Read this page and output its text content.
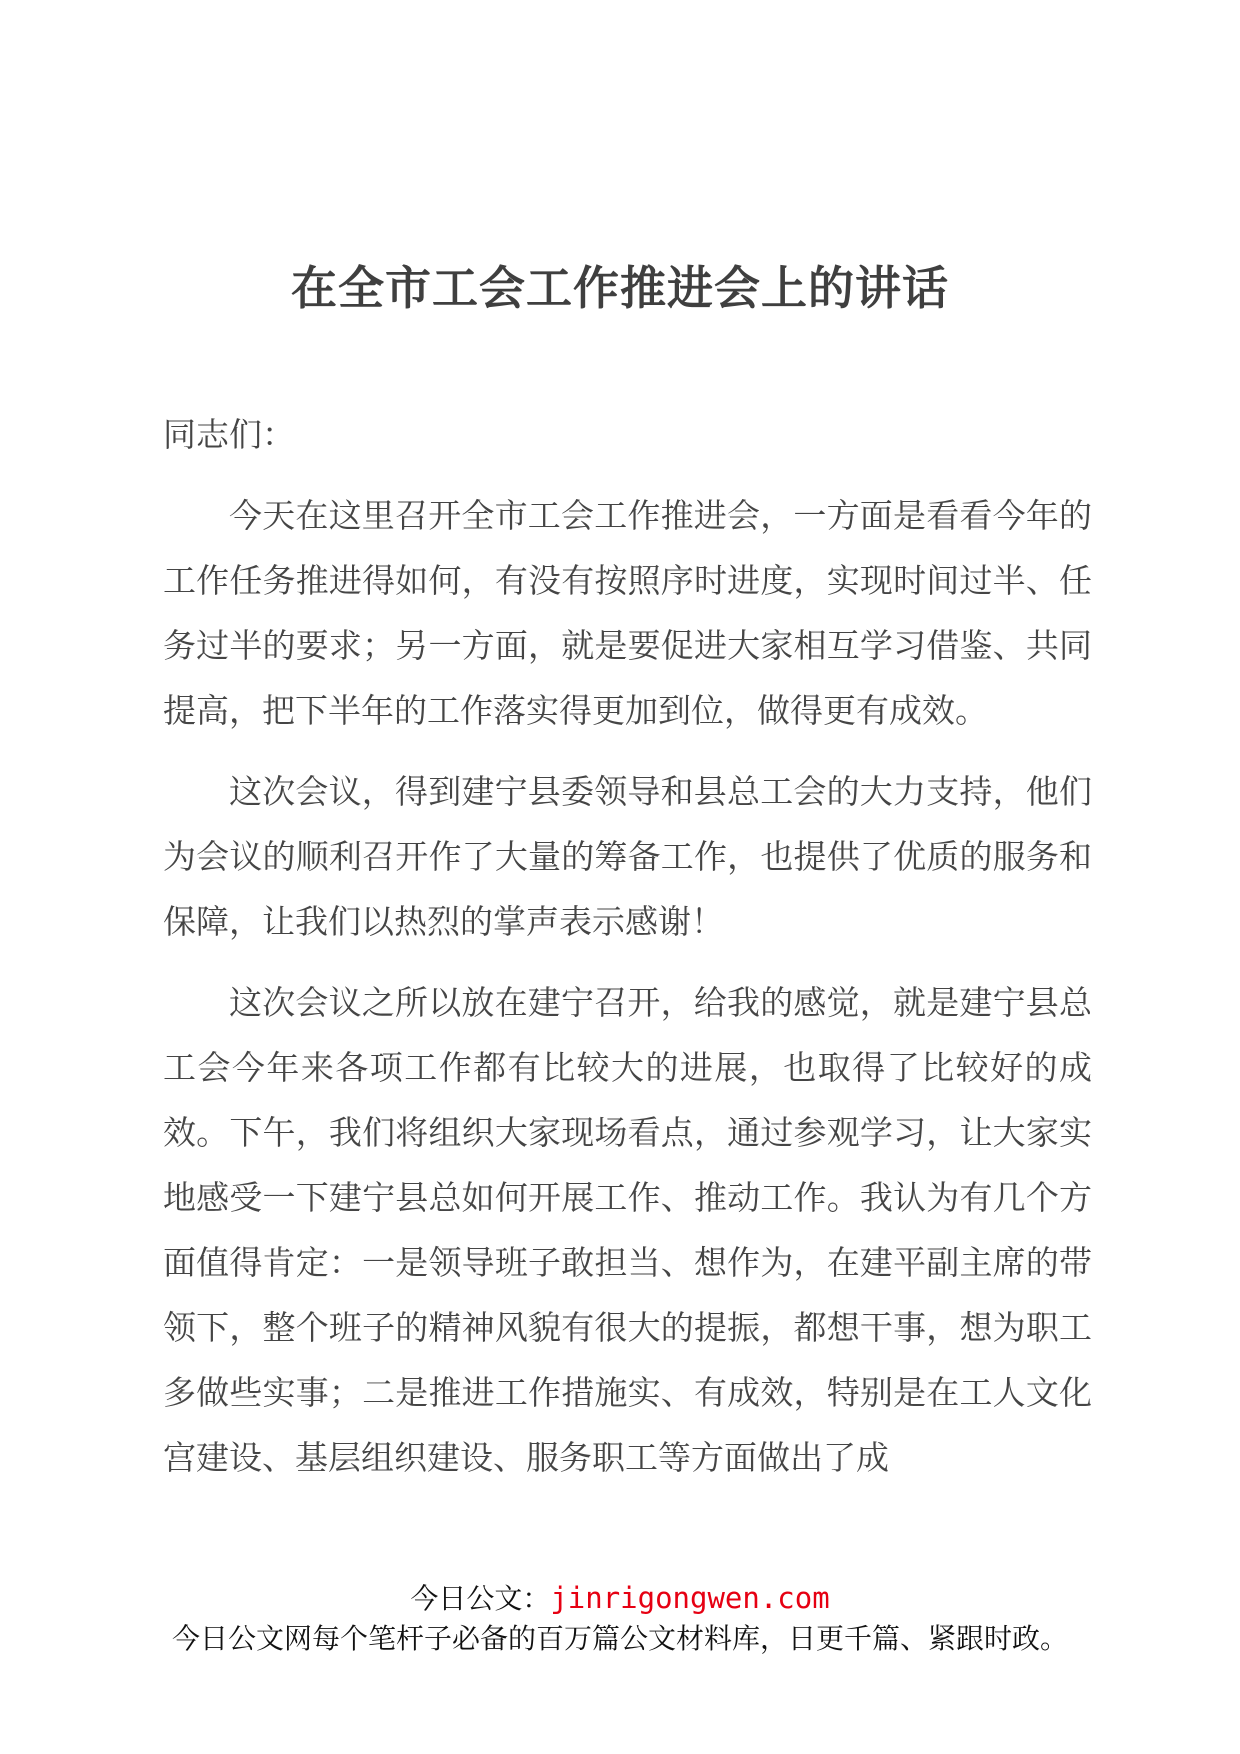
在全市工会工作推进会上的讲话

同志们：

今天在这里召开全市工会工作推进会，一方面是看看今年的工作任务推进得如何，有没有按照序时进度，实现时间过半、任务过半的要求；另一方面，就是要促进大家相互学习借鉴、共同提高，把下半年的工作落实得更加到位，做得更有成效。

这次会议，得到建宁县委领导和县总工会的大力支持，他们为会议的顺利召开作了大量的筹备工作，也提供了优质的服务和保障，让我们以热烈的掌声表示感谢！

这次会议之所以放在建宁召开，给我的感觉，就是建宁县总工会今年来各项工作都有比较大的进展，也取得了比较好的成效。下午，我们将组织大家现场看点，通过参观学习，让大家实地感受一下建宁县总如何开展工作、推动工作。我认为有几个方面值得肯定：一是领导班子敢担当、想作为，在建平副主席的带领下，整个班子的精神风貌有很大的提振，都想干事，想为职工多做些实事；二是推进工作措施实、有成效，特别是在工人文化宫建设、基层组织建设、服务职工等方面做出了成

今日公文：jinrigongwen.com
今日公文网每个笔杆子必备的百万篇公文材料库，日更千篇、紧跟时政。
